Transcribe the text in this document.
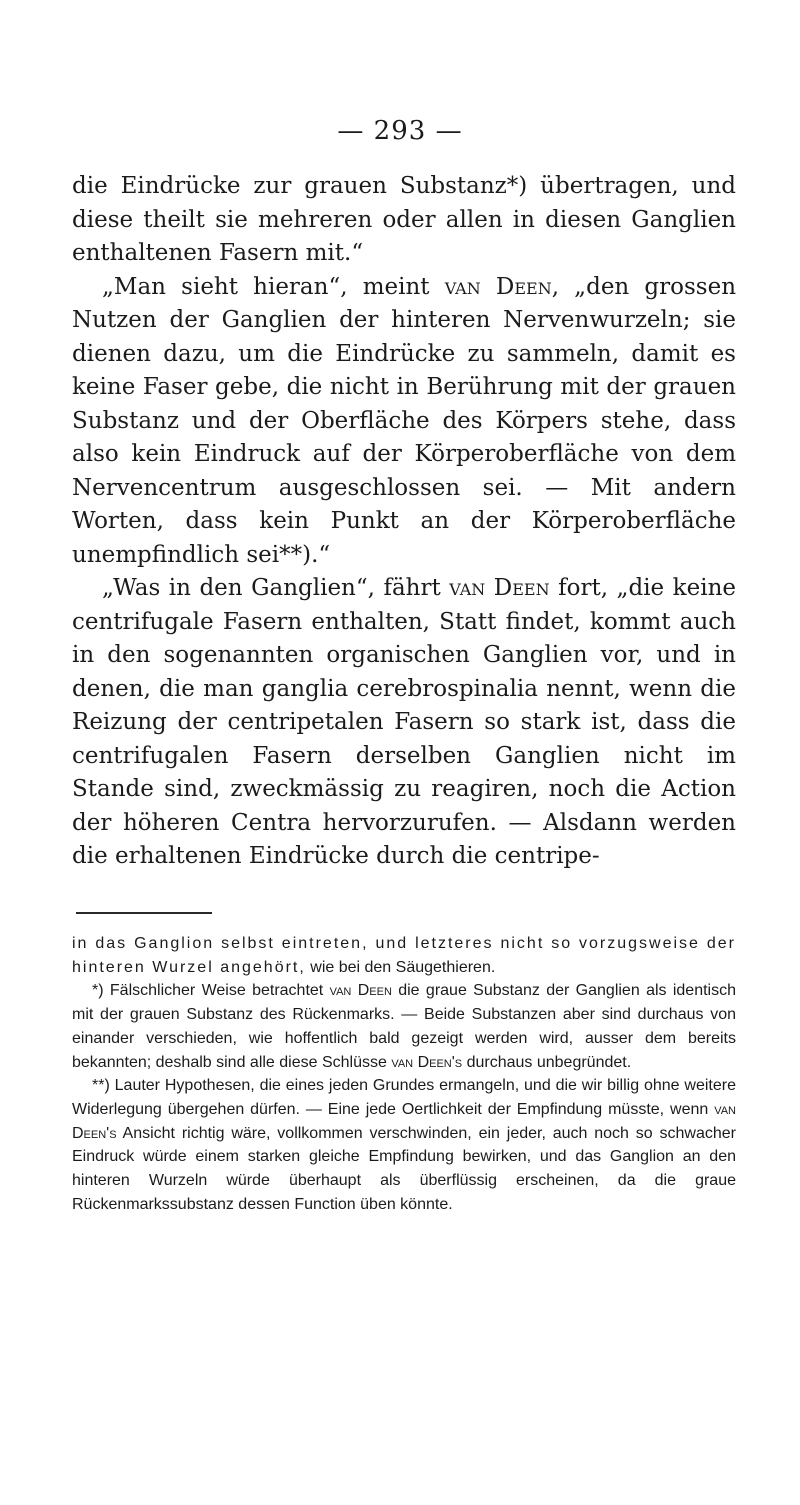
— 293 —

die Eindrücke zur grauen Substanz*) übertragen, und diese theilt sie mehreren oder allen in diesen Ganglien enthaltenen Fasern mit.“

„Man sieht hieran“, meint van Deen, „den grossen Nutzen der Ganglien der hinteren Nervenwurzeln; sie dienen dazu, um die Eindrücke zu sammeln, damit es keine Faser gebe, die nicht in Berührung mit der grauen Substanz und der Oberfläche des Körpers stehe, dass also kein Eindruck auf der Körperoberfläche von dem Nervencentrum ausgeschlossen sei. — Mit andern Worten, dass kein Punkt an der Körperoberfläche unempfindlich sei**).“

„Was in den Ganglien“, fährt van Deen fort, „die keine centrifugale Fasern enthalten, Statt findet, kommt auch in den sogenannten organischen Ganglien vor, und in denen, die man ganglia cerebrospinalia nennt, wenn die Reizung der centripetalen Fasern so stark ist, dass die centrifugalen Fasern derselben Ganglien nicht im Stande sind, zweckmässig zu reagiren, noch die Action der höheren Centra hervorzurufen. — Alsdann werden die erhaltenen Eindrücke durch die centripe-

in das Ganglion selbst eintreten, und letzteres nicht so vorzugsweise der hinteren Wurzel angehört, wie bei den Säugethieren.

*) Fälschlicher Weise betrachtet van Deen die graue Substanz der Ganglien als identisch mit der grauen Substanz des Rückenmarks. — Beide Substanzen aber sind durchaus von einander verschieden, wie hoffentlich bald gezeigt werden wird, ausser dem bereits bekannten; deshalb sind alle diese Schlüsse van Deen's durchaus unbegründet.

**) Lauter Hypothesen, die eines jeden Grundes ermangeln, und die wir billig ohne weitere Widerlegung übergehen dürfen. — Eine jede Oertlichkeit der Empfindung müsste, wenn van Deen's Ansicht richtig wäre, vollkommen verschwinden, ein jeder, auch noch so schwacher Eindruck würde einem starken gleiche Empfindung bewirken, und das Ganglion an den hinteren Wurzeln würde überhaupt als überflüssig erscheinen, da die graue Rückenmarkssubstanz dessen Function üben könnte.
